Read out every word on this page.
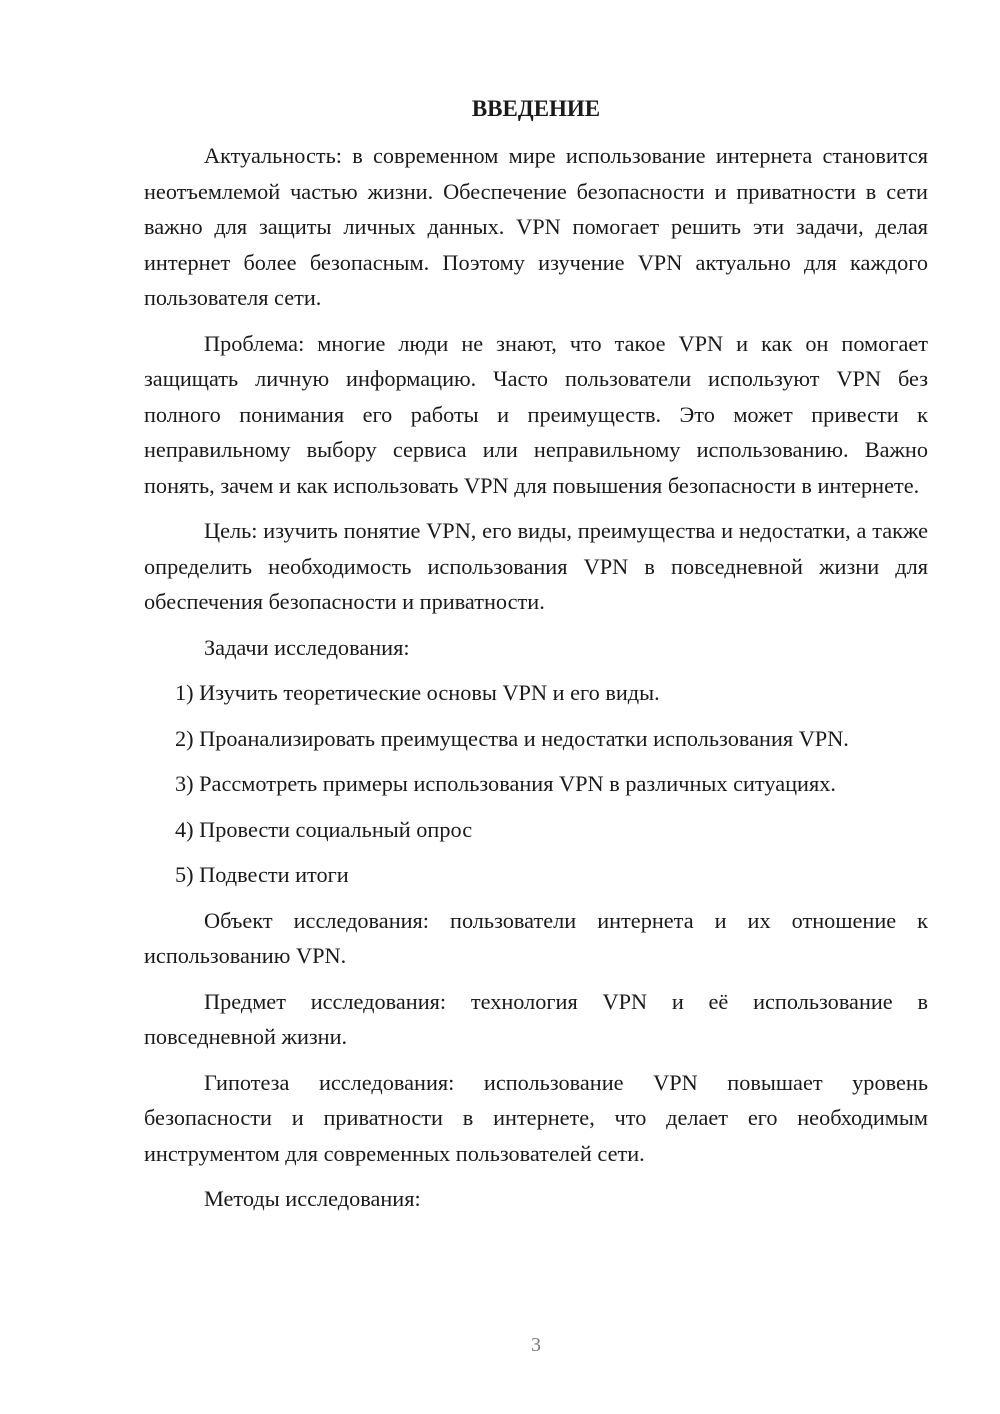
ВВЕДЕНИЕ

Актуальность: в современном мире использование интернета становится неотъемлемой частью жизни. Обеспечение безопасности и приватности в сети важно для защиты личных данных. VPN помогает решить эти задачи, делая интернет более безопасным. Поэтому изучение VPN актуально для каждого пользователя сети.

Проблема: многие люди не знают, что такое VPN и как он помогает защищать личную информацию. Часто пользователи используют VPN без полного понимания его работы и преимуществ. Это может привести к неправильному выбору сервиса или неправильному использованию. Важно понять, зачем и как использовать VPN для повышения безопасности в интернете.

Цель: изучить понятие VPN, его виды, преимущества и недостатки, а также определить необходимость использования VPN в повседневной жизни для обеспечения безопасности и приватности.

Задачи исследования:

1) Изучить теоретические основы VPN и его виды.

2) Проанализировать преимущества и недостатки использования VPN.

3) Рассмотреть примеры использования VPN в различных ситуациях.

4) Провести социальный опрос

5) Подвести итоги

Объект исследования: пользователи интернета и их отношение к использованию VPN.

Предмет исследования: технология VPN и её использование в повседневной жизни.

Гипотеза исследования: использование VPN повышает уровень безопасности и приватности в интернете, что делает его необходимым инструментом для современных пользователей сети.

Методы исследования:

3
